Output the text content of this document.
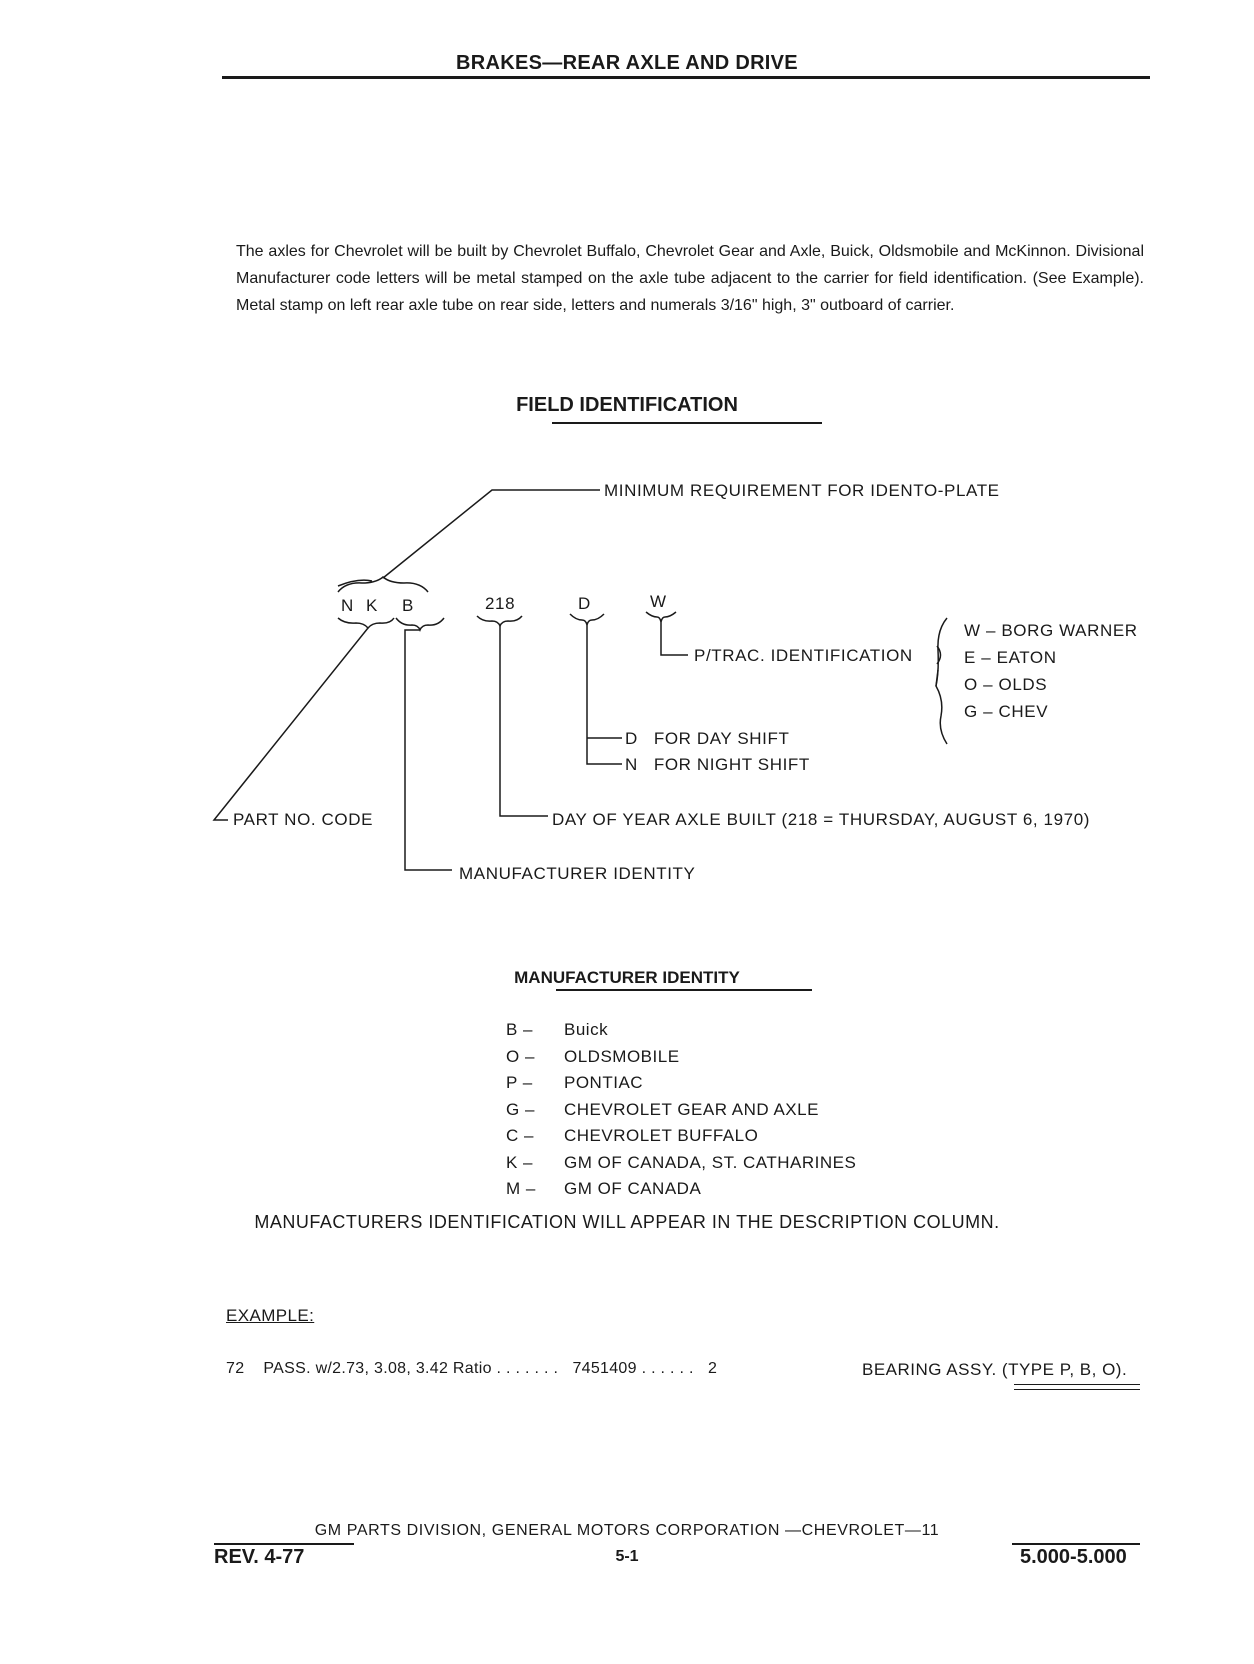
BRAKES—REAR AXLE AND DRIVE
The axles for Chevrolet will be built by Chevrolet Buffalo, Chevrolet Gear and Axle, Buick, Oldsmobile and McKinnon. Divisional Manufacturer code letters will be metal stamped on the axle tube adjacent to the carrier for field identification. (See Example). Metal stamp on left rear axle tube on rear side, letters and numerals 3/16" high, 3" outboard of carrier.
FIELD IDENTIFICATION
N K B	218	D	W
MINIMUM REQUIREMENT FOR IDENTO-PLATE
P/TRAC. IDENTIFICATION
D   FOR DAY SHIFT
N   FOR NIGHT SHIFT
PART NO. CODE	DAY OF YEAR AXLE BUILT (218 = THURSDAY, AUGUST 6, 1970)
MANUFACTURER IDENTITY
W – BORG WARNER
E – EATON
O – OLDS
G – CHEV
MANUFACTURER IDENTITY
B –	Buick
O –	OLDSMOBILE
P –	PONTIAC
G –	CHEVROLET GEAR AND AXLE
C –	CHEVROLET BUFFALO
K –	GM OF CANADA, ST. CATHARINES
M –	GM OF CANADA
MANUFACTURERS IDENTIFICATION WILL APPEAR IN THE DESCRIPTION COLUMN.
EXAMPLE:
72    PASS. w/2.73, 3.08, 3.42 Ratio . . . . . . .   7451409 . . . . . .   2	BEARING ASSY. (TYPE P, B, O).
GM PARTS DIVISION, GENERAL MOTORS CORPORATION —CHEVROLET—11
REV. 4-77	5-1	5.000-5.000
